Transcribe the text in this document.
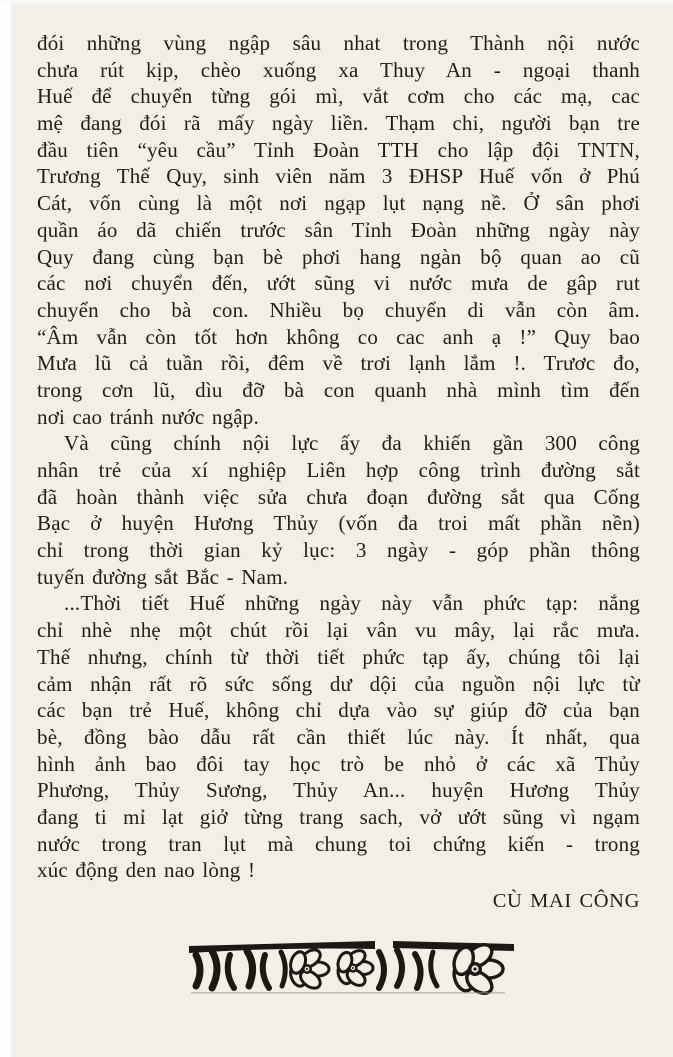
đói những vùng ngập sâu nhat trong Thành nội nước
chưa rút kịp, chèo xuống xa Thuy An - ngoại thanh
Huế để chuyển từng gói mì, vắt cơm cho các mạ, cac
mệ đang đói rã mấy ngày liền. Thạm chi, người bạn tre
đầu tiên “yêu cầu” Tỉnh Đoàn TTH cho lập đội TNTN,
Trương Thế Quy, sinh viên năm 3 ĐHSP Huế vốn ở Phú
Cát, vốn cùng là một nơi ngạp lụt nạng nề. Ở sân phơi
quần áo dã chiến trước sân Tỉnh Đoàn những ngày này
Quy đang cùng bạn bè phơi hang ngàn bộ quan ao cũ
các nơi chuyển đến, ướt sũng vi nước mưa de gâp rut
chuyển cho bà con. Nhiều bọ chuyển di vẫn còn âm.
“Âm vẫn còn tốt hơn không co cac anh ạ !” Quy bao
Mưa lũ cả tuần rồi, đêm về trơi lạnh lắm !. Trươc đo,
trong cơn lũ, dìu đỡ bà con quanh nhà mình tìm đến
nơi cao tránh nước ngập.
Và cũng chính nội lực ấy đa khiến gần 300 công
nhân trẻ của xí nghiệp Liên hợp công trình đường sắt
đã hoàn thành việc sửa chưa đoạn đường sắt qua Cống
Bạc ở huyện Hương Thủy (vốn đa troi mất phần nền)
chỉ trong thời gian kỷ lục: 3 ngày - góp phần thông
tuyến đường sắt Bắc - Nam.
...Thời tiết Huế những ngày này vẫn phức tạp: nắng
chỉ nhè nhẹ một chút rồi lại vân vu mây, lại rắc mưa.
Thế nhưng, chính từ thời tiết phức tạp ấy, chúng tôi lại
cảm nhận rất rõ sức sống dư dội của nguồn nội lực từ
các bạn trẻ Huế, không chỉ dựa vào sự giúp đỡ của bạn
bè, đồng bào dẫu rất cần thiết lúc này. Ít nhất, qua
hình ảnh bao đôi tay học trò be nhỏ ở các xã Thủy
Phương, Thủy Sương, Thủy An... huyện Hương Thủy
đang ti mỉ lạt giở từng trang sach, vở ướt sũng vì ngạm
nước trong tran lụt mà chung toi chứng kiến - trong
xúc động den nao lòng !
CÙ MAI CÔNG
